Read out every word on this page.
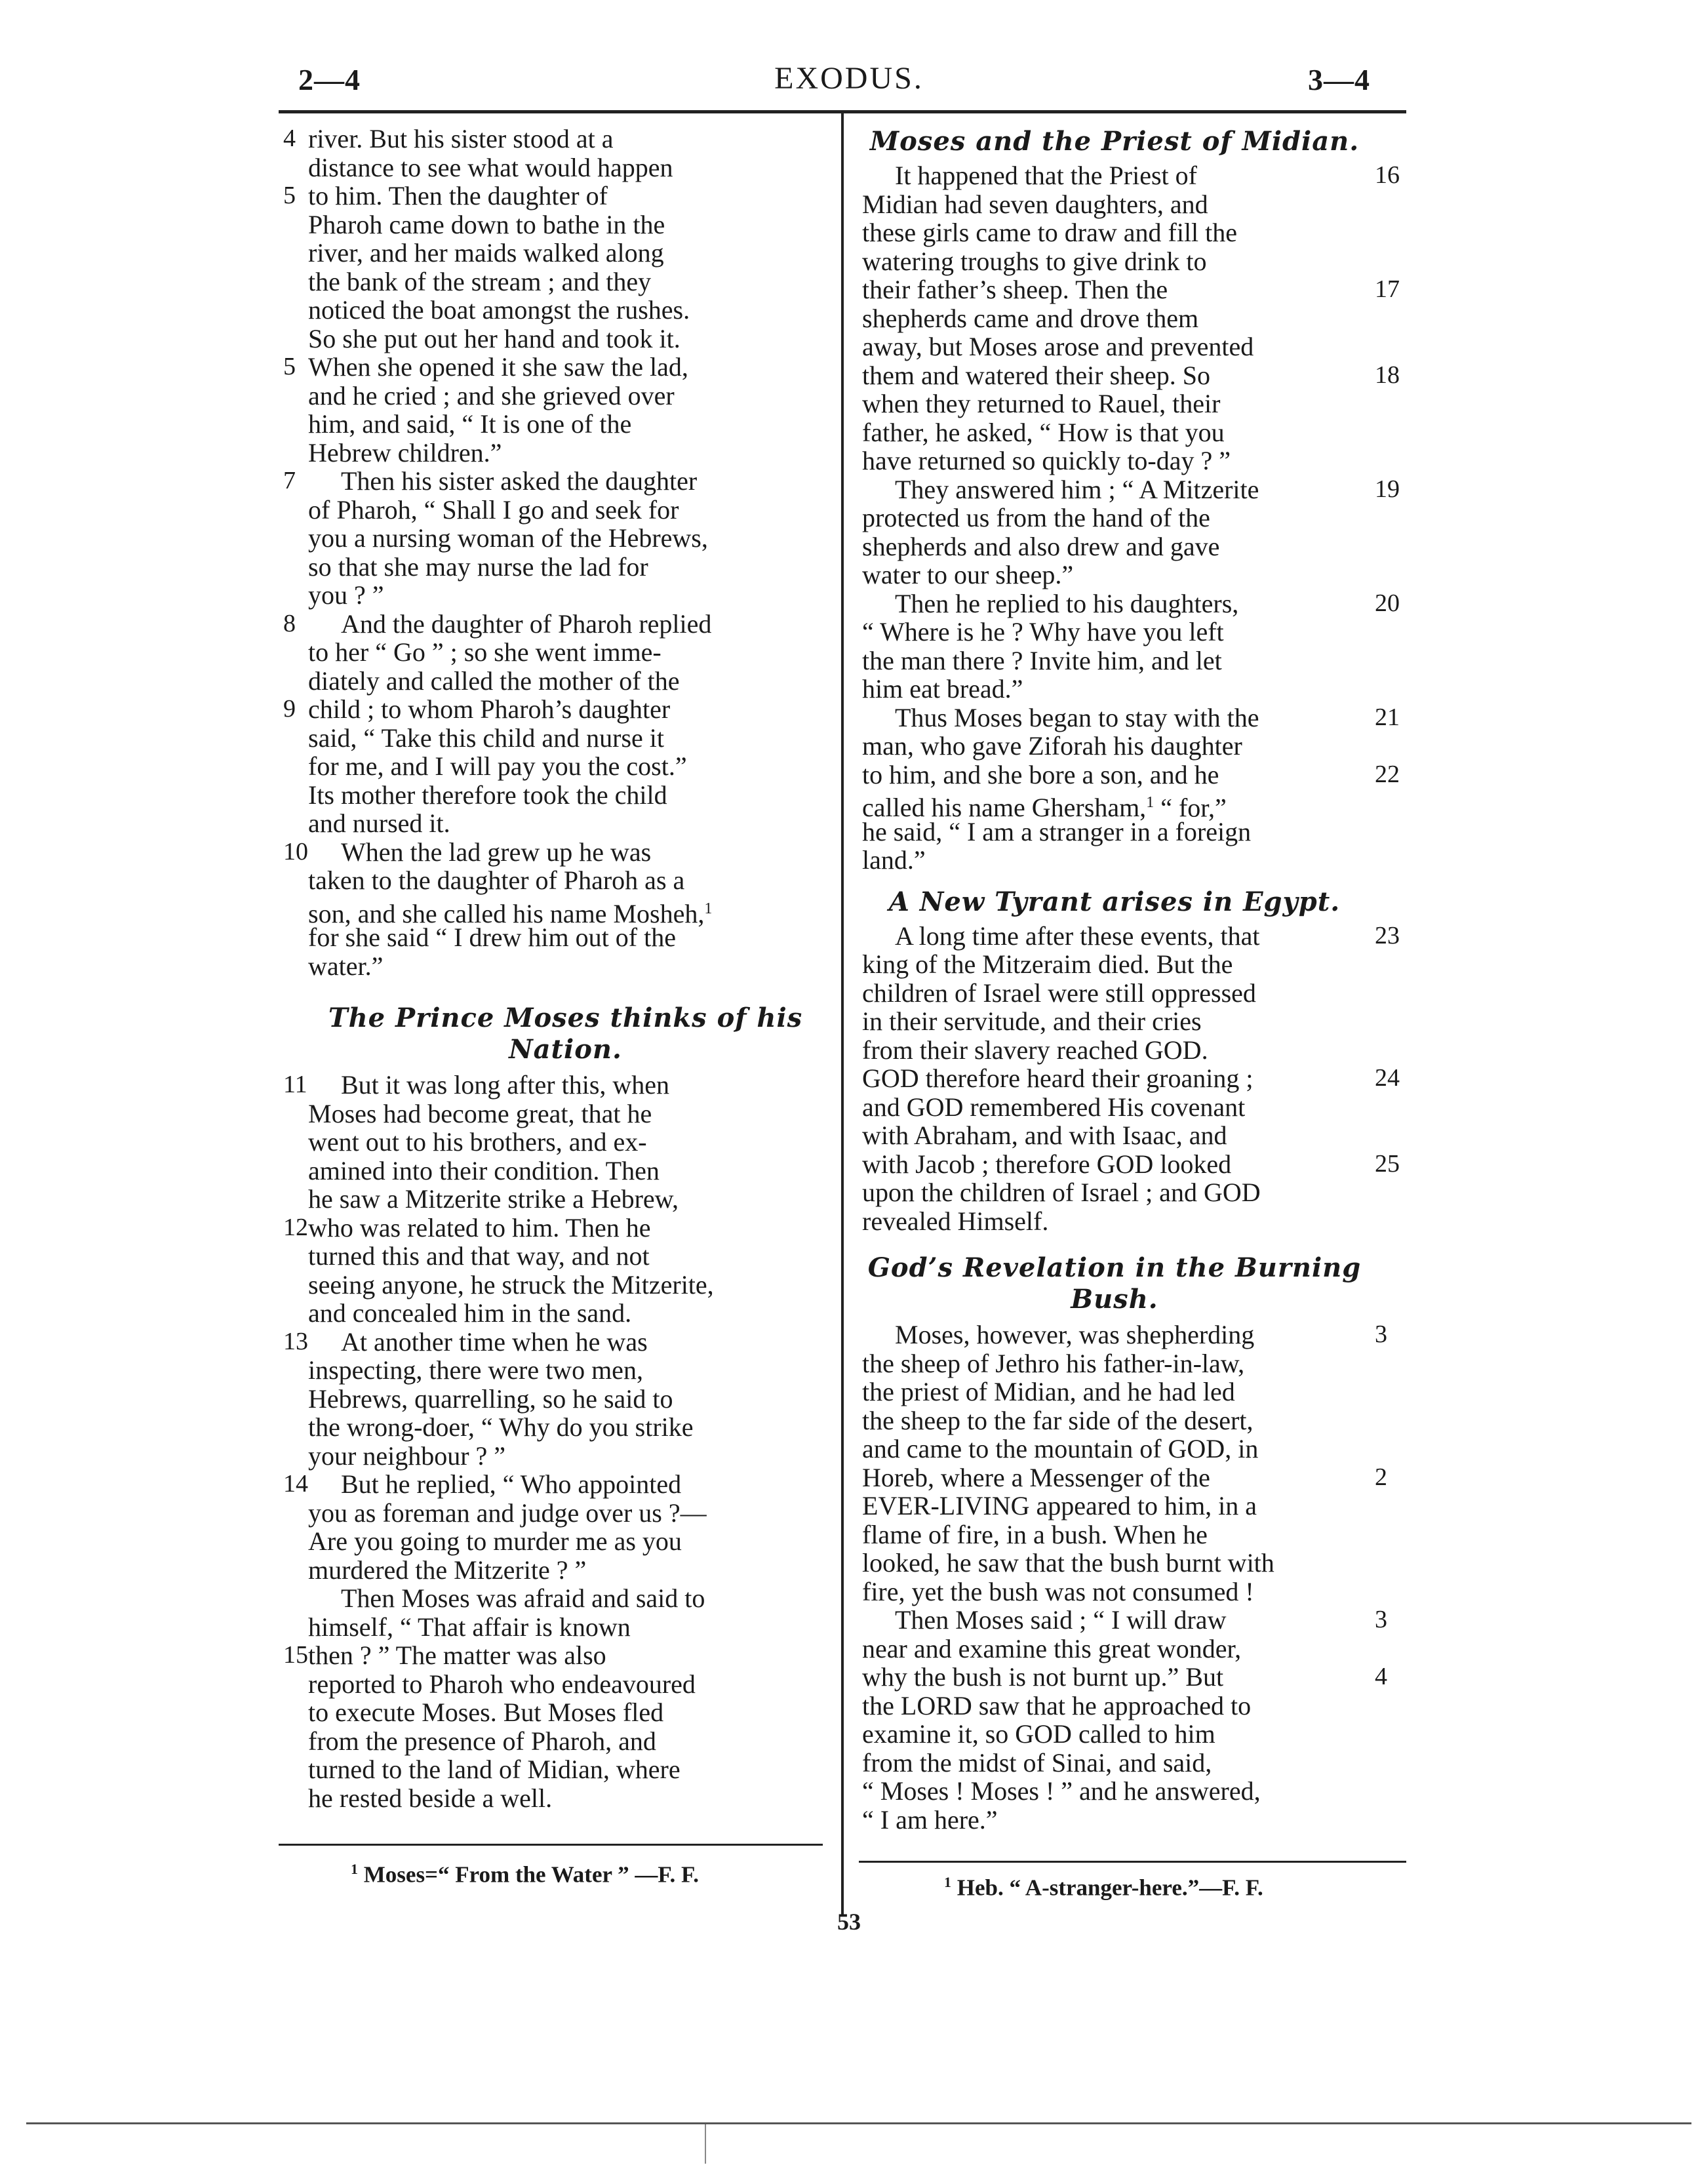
2—4	EXODUS.	3—4
4 river. But his sister stood at a
distance to see what would happen
5 to him. Then the daughter of
Pharoh came down to bathe in the
river, and her maids walked along
the bank of the stream ; and they
noticed the boat amongst the rushes.
So she put out her hand and took it.
5 When she opened it she saw the lad,
and he cried ; and she grieved over
him, and said, “ It is one of the
Hebrew children.”
7	Then his sister asked the daughter
of Pharoh, “ Shall I go and seek for
you a nursing woman of the Hebrews,
so that she may nurse the lad for
you ? ”
8	And the daughter of Pharoh replied
to her “ Go ” ; so she went imme-
diately and called the mother of the
9 child ; to whom Pharoh’s daughter
said, “ Take this child and nurse it
for me, and I will pay you the cost.”
Its mother therefore took the child
and nursed it.
10 When the lad grew up he was
taken to the daughter of Pharoh as a
son, and she called his name Mosheh,$^1$
for she said “ I drew him out of the
water.”
The Prince Moses thinks of his
Nation.
11 But it was long after this, when
Moses had become great, that he
went out to his brothers, and ex-
amined into their condition. Then
he saw a Mitzerite strike a Hebrew,
12 who was related to him. Then he
turned this and that way, and not
seeing anyone, he struck the Mitzerite,
and concealed him in the sand.
13 At another time when he was
inspecting, there were two men,
Hebrews, quarrelling, so he said to
the wrong-doer, “ Why do you strike
your neighbour ? ”
14 But he replied, “ Who appointed
you as foreman and judge over us ?—
Are you going to murder me as you
murdered the Mitzerite ? ”
Then Moses was afraid and said to
himself, “ That affair is known
15 then ? ” The matter was also
reported to Pharoh who endeavoured
to execute Moses. But Moses fled
from the presence of Pharoh, and
turned to the land of Midian, where
he rested beside a well.
Moses and the Priest of Midian.
16
It happened that the Priest of
Midian had seven daughters, and
these girls came to draw and fill the
watering troughs to give drink to
17
their father’s sheep. Then the
shepherds came and drove them
away, but Moses arose and prevented
18
them and watered their sheep. So
when they returned to Rauel, their
father, he asked, “ How is that you
have returned so quickly to-day ? ”
19
They answered him ; “ A Mitzerite
protected us from the hand of the
shepherds and also drew and gave
water to our sheep.”
20
Then he replied to his daughters,
“ Where is he ? Why have you left
the man there ? Invite him, and let
him eat bread.”
21
Thus Moses began to stay with the
man, who gave Ziforah his daughter
22
to him, and she bore a son, and he
called his name Ghersham,$^1$ “ for,”
he said, “ I am a stranger in a foreign
land.”
A New Tyrant arises in Egypt.
23
A long time after these events, that
king of the Mitzeraim died. But the
children of Israel were still oppressed
in their servitude, and their cries
from their slavery reached GOD.
24
GOD therefore heard their groaning ;
and GOD remembered His covenant
with Abraham, and with Isaac, and
25
with Jacob ; therefore GOD looked
upon the children of Israel ; and GOD
revealed Himself.
God’s Revelation in the Burning
Bush.
3
Moses, however, was shepherding
the sheep of Jethro his father-in-law,
the priest of Midian, and he had led
the sheep to the far side of the desert,
and came to the mountain of GOD, in
2
Horeb, where a Messenger of the
EVER-LIVING appeared to him, in a
flame of fire, in a bush. When he
looked, he saw that the bush burnt with
fire, yet the bush was not consumed !
3
Then Moses said ; “ I will draw
near and examine this great wonder,
4
why the bush is not burnt up.” But
the LORD saw that he approached to
examine it, so GOD called to him
from the midst of Sinai, and said,
“ Moses ! Moses ! ” and he answered,
“ I am here.”
$^1$ Moses=“ From the Water ” —F. F.	$^1$ Heb. “ A-stranger-here.”—F. F.
53
